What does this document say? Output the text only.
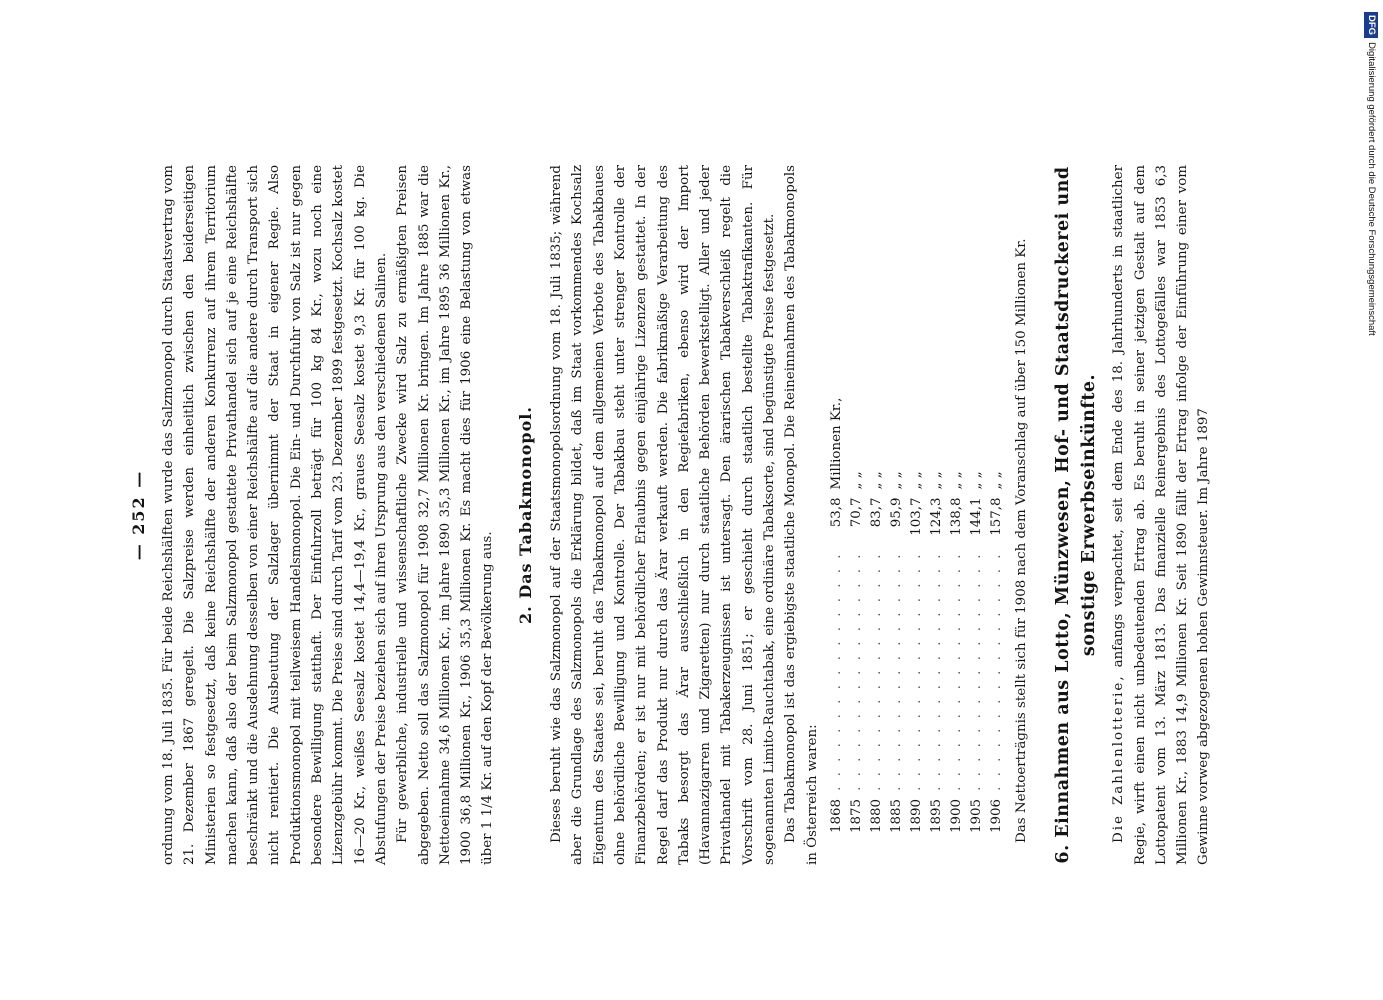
— 252 — ordnung vom 18. Juli 1835. Für beide Reichshälften wurde das Salzmonopol durch Staatsvertrag vom 21. Dezember 1867 geregelt. Die Salzpreise werden einheitlich zwischen den beiderseitigen Ministerien so festgesetzt, daß keine Reichshälfte der anderen Konkurrenz auf ihrem Territorium machen kann, daß also der beim Salzmonopol gestattete Privathandel sich auf je eine Reichshälfte beschränkt und die Ausdehnung desselben von einer Reichshälfte auf die andere durch Transport sich nicht rentiert. Die Ausbeutung der Salzlager übernimmt der Staat in eigener Regie. Also Produktionsmonopol mit teilweisem Handelsmonopol. Die Ein- und Durchfuhr von Salz ist nur gegen besondere Bewilligung statthaft. Der Einfuhrzoll beträgt für 100 kg 84 Kr., wozu noch eine Lizenzgebühr kommt. Die Preise sind durch Tarif vom 23. Dezember 1899 festgesetzt. Kochsalz kostet 16—20 Kr., weißes Seesalz kostet 14,4—19,4 Kr., graues Seesalz kostet 9,3 Kr. für 100 kg. Die Abstufungen der Preise beziehen sich auf ihren Ursprung aus den verschiedenen Salinen. Für gewerbliche, industrielle und wissenschaftliche Zwecke wird Salz zu ermäßigten Preisen abgegeben. Netto soll das Salzmonopol für 1908 32,7 Millionen Kr. bringen. Im Jahre 1885 war die Nettoeinnahme 34,6 Millionen Kr., im Jahre 1890 35,3 Millionen Kr., im Jahre 1895 36 Millionen Kr., 1900 36,8 Millionen Kr., 1906 35,3 Millionen Kr. Es macht dies für 1906 eine Belastung von etwas über 1 1/4 Kr. auf den Kopf der Bevölkerung aus.

2. Das Tabakmonopol. Dieses beruht wie das Salzmonopol auf der Staatsmonopolsordnung vom 18. Juli 1835; während aber die Grundlage des Salzmonopols die Erklärung bildet, daß im Staat vorkommendes Kochsalz Eigentum des Staates sei, beruht das Tabakmonopol auf dem allgemeinen Verbote des Tabakbaues ohne behördliche Bewilligung und Kontrolle. Der Tabakbau steht unter strenger Kontrolle der Finanzbehörden; er ist nur mit behördlicher Erlaubnis gegen einjährige Lizenzen gestattet. In der Regel darf das Produkt nur durch das Ärar verkauft werden. Die fabrikmäßige Verarbeitung des Tabaks besorgt das Ärar ausschließlich in den Regiefabriken, ebenso wird der Import (Havannazigarren und Zigaretten) nur durch staatliche Behörden bewerkstelligt. Aller und jeder Privathandel mit Tabakerzeugnissen ist untersagt. Den ärarischen Tabakverschleiß regelt die Vorschrift vom 28. Juni 1851; er geschieht durch staatlich bestellte Tabaktrafikanten. Für sogenannten Limito-Rauchtabak, eine ordinäre Tabaksorte, sind begünstigte Preise festgesetzt. Das Tabakmonopol ist das ergiebigste staatliche Monopol. Die Reineinnahmen des Tabakmonopols in Österreich waren: 1868	. . . . . . . . . . . . . . . . .	53,8	Millionen Kr.,
1875	. . . . . . . . . . . . . . . . .	70,7	„ „
1880	. . . . . . . . . . . . . . . . .	83,7	„ „
1885	. . . . . . . . . . . . . . . . .	95,9	„ „
1890	. . . . . . . . . . . . . . . . .	103,7	„ „
1895	. . . . . . . . . . . . . . . . .	124,3	„ „
1900	. . . . . . . . . . . . . . . . .	138,8	„ „
1905	. . . . . . . . . . . . . . . . .	144,1	„ „
1906	. . . . . . . . . . . . . . . . .	157,8	„ „ Das Nettoerträgnis stellt sich für 1908 nach dem Voranschlag auf über 150 Millionen Kr. 6. Einnahmen aus Lotto, Münzwesen, Hof- und Staatsdruckerei und sonstige Erwerbseinkünfte.

Die Zahlenlotterie, anfangs verpachtet, seit dem Ende des 18. Jahrhunderts in staatlicher Regie, wirft einen nicht unbedeutenden Ertrag ab. Es beruht in seiner jetzigen Gestalt auf dem Lottopatent vom 13. März 1813. Das finanzielle Reinergebnis des Lottogefälles war 1853 6,3 Millionen Kr., 1883 14,9 Millionen Kr. Seit 1890 fällt der Ertrag infolge der Einführung einer vom Gewinne vorweg abgezogenen hohen Gewinnsteuer. Im Jahre 1897

DFGDigitalisierung gefördert durch die Deutsche Forschungsgemeinschaft
